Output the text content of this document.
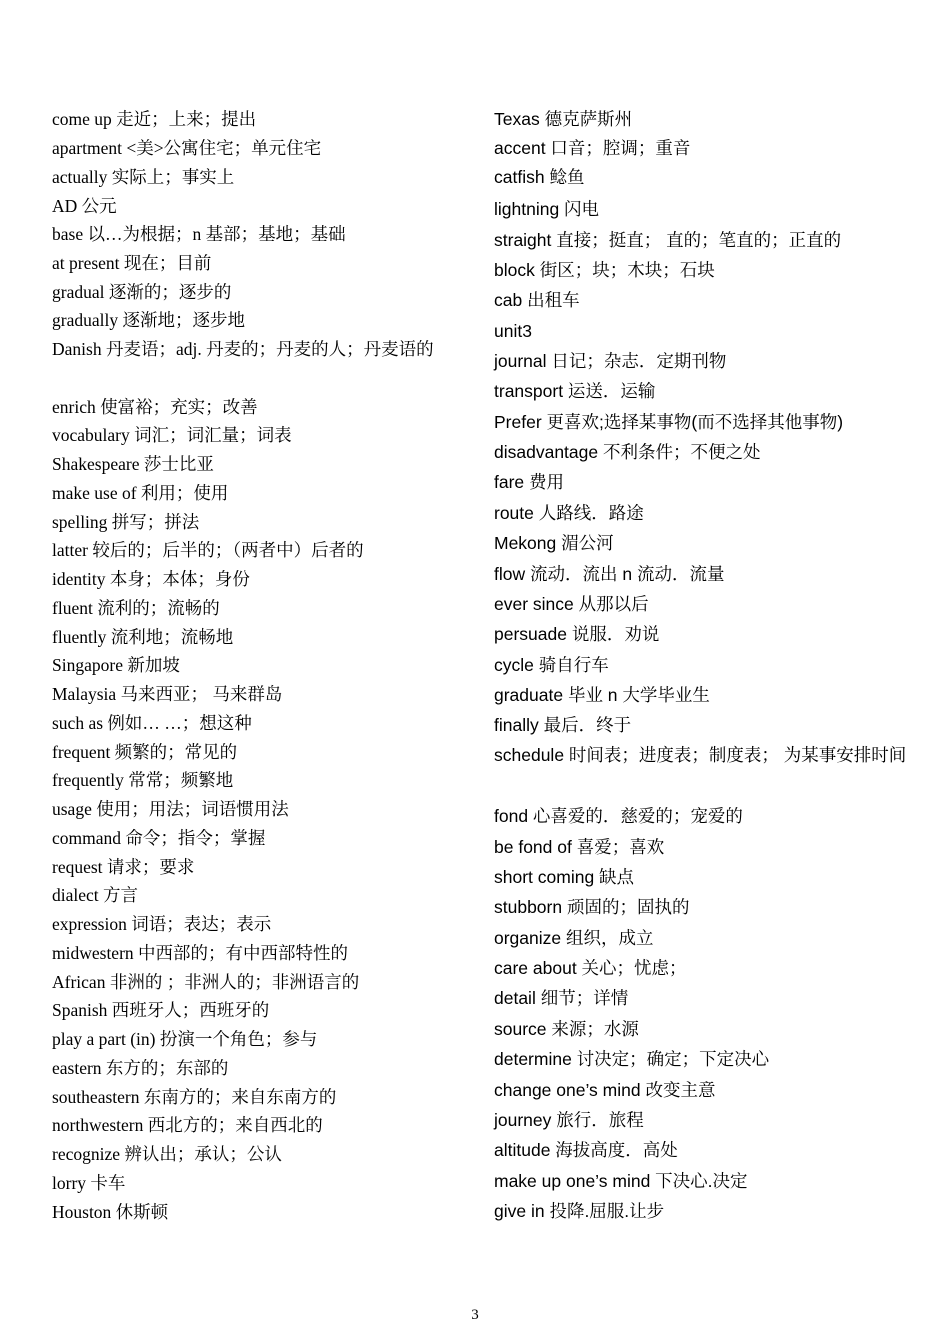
come up 走近；上来；提出
apartment <美>公寓住宅；单元住宅
actually 实际上；事实上
AD 公元
base 以…为根据；n 基部；基地；基础
at present 现在；目前
gradual 逐渐的；逐步的
gradually 逐渐地；逐步地
Danish 丹麦语；adj. 丹麦的；丹麦的人；丹麦语的
enrich 使富裕；充实；改善
vocabulary 词汇；词汇量；词表
Shakespeare 莎士比亚
make use of 利用；使用
spelling 拼写；拼法
latter 较后的；后半的；（两者中）后者的
identity 本身；本体；身份
fluent 流利的；流畅的
fluently 流利地；流畅地
Singapore 新加坡
Malaysia 马来西亚； 马来群岛
such as 例如… …；想这种
frequent 频繁的；常见的
frequently 常常；频繁地
usage 使用；用法；词语惯用法
command 命令；指令；掌握
request 请求；要求
dialect 方言
expression 词语；表达；表示
midwestern 中西部的；有中西部特性的
African 非洲的 ；非洲人的；非洲语言的
Spanish 西班牙人；西班牙的
play a part (in) 扮演一个角色；参与
eastern 东方的；东部的
southeastern 东南方的；来自东南方的
northwestern 西北方的；来自西北的
recognize 辨认出；承认；公认
lorry 卡车
Houston 休斯顿
Texas 德克萨斯州
accent 口音；腔调；重音
catfish 鲶鱼
lightning 闪电
straight 直接；挺直； 直的；笔直的；正直的
block 街区；块；木块；石块
cab 出租车
unit3
journal 日记；杂志．定期刊物
transport 运送．运输
Prefer 更喜欢;选择某事物(而不选择其他事物)
disadvantage 不利条件；不便之处
fare 费用
route 人路线．路途
Mekong 湄公河
flow 流动．流出 n 流动．流量
ever since 从那以后
persuade 说服．劝说
cycle 骑自行车
graduate 毕业 n 大学毕业生
finally 最后．终于
schedule 时间表；进度表；制度表； 为某事安排时间
fond 心喜爱的．慈爱的；宠爱的
be fond of 喜爱；喜欢
short coming 缺点
stubborn 顽固的；固执的
organize 组织，成立
care about 关心；忧虑；
detail 细节；详情
source 来源；水源
determine 讨决定；确定；下定决心
change one’s mind 改变主意
journey 旅行．旅程
altitude 海拔高度．高处
make up one’s mind 下决心.决定
give in 投降.屈服.让步
3
